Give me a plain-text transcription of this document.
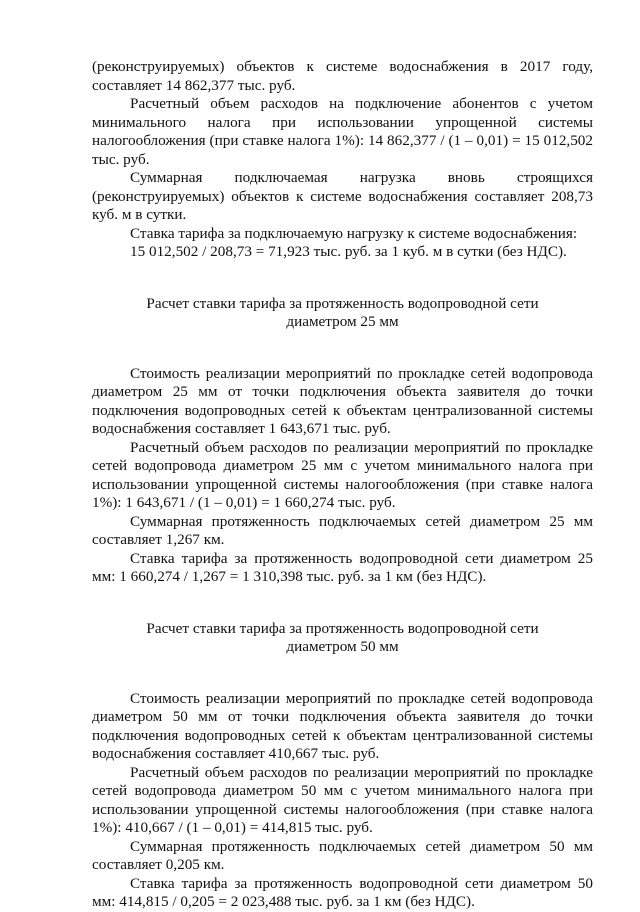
(реконструируемых) объектов к системе водоснабжения в 2017 году, составляет 14 862,377 тыс. руб.

Расчетный объем расходов на подключение абонентов с учетом минимального налога при использовании упрощенной системы налогообложения (при ставке налога 1%): 14 862,377 / (1 – 0,01) = 15 012,502 тыс. руб.

Суммарная подключаемая нагрузка вновь строящихся (реконструируемых) объектов к системе водоснабжения составляет 208,73 куб. м в сутки.

Ставка тарифа за подключаемую нагрузку к системе водоснабжения:

15 012,502 / 208,73 = 71,923 тыс. руб. за 1 куб. м в сутки (без НДС).

Расчет ставки тарифа за протяженность водопроводной сети
диаметром 25 мм

Стоимость реализации мероприятий по прокладке сетей водопровода диаметром 25 мм от точки подключения объекта заявителя до точки подключения водопроводных сетей к объектам централизованной системы водоснабжения составляет 1 643,671 тыс. руб.

Расчетный объем расходов по реализации мероприятий по прокладке сетей водопровода диаметром 25 мм с учетом минимального налога при использовании упрощенной системы налогообложения (при ставке налога 1%): 1 643,671 / (1 – 0,01) = 1 660,274 тыс. руб.

Суммарная протяженность подключаемых сетей диаметром 25 мм составляет 1,267 км.

Ставка тарифа за протяженность водопроводной сети диаметром 25 мм: 1 660,274 / 1,267 = 1 310,398 тыс. руб. за 1 км (без НДС).

Расчет ставки тарифа за протяженность водопроводной сети
диаметром 50 мм

Стоимость реализации мероприятий по прокладке сетей водопровода диаметром 50 мм от точки подключения объекта заявителя до точки подключения водопроводных сетей к объектам централизованной системы водоснабжения составляет 410,667 тыс. руб.

Расчетный объем расходов по реализации мероприятий по прокладке сетей водопровода диаметром 50 мм с учетом минимального налога при использовании упрощенной системы налогообложения (при ставке налога 1%): 410,667 / (1 – 0,01) = 414,815 тыс. руб.

Суммарная протяженность подключаемых сетей диаметром 50 мм составляет 0,205 км.

Ставка тарифа за протяженность водопроводной сети диаметром 50 мм: 414,815 / 0,205 = 2 023,488 тыс. руб. за 1 км (без НДС).
